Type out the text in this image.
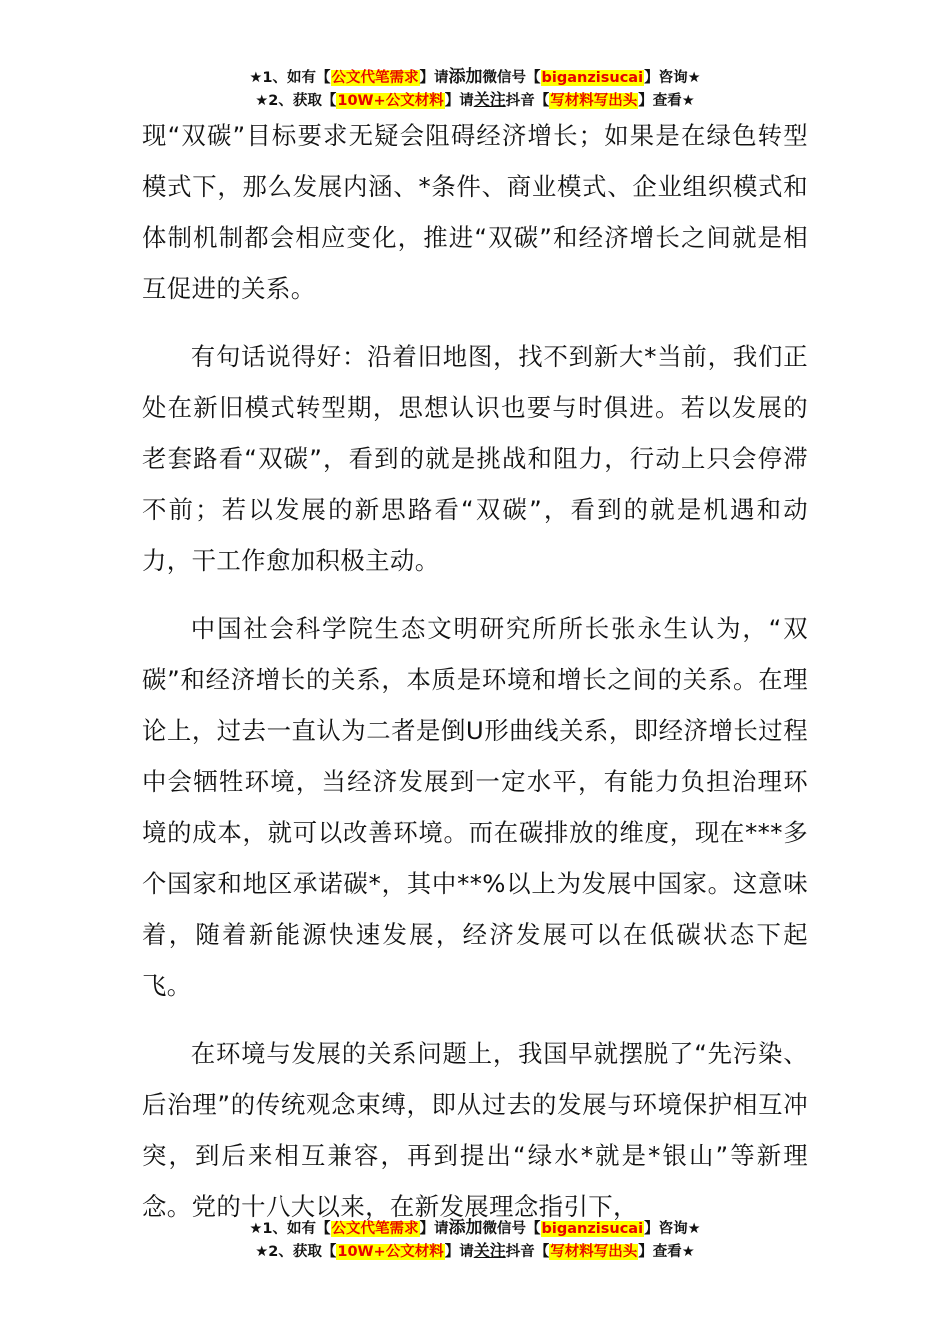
★1、如有【公文代笔需求】请添加微信号【biganzisucai】咨询★
★2、获取【10W+公文材料】请关注抖音【写材料写出头】查看★

现“双碳”目标要求无疑会阻碍经济增长；如果是在绿色转型模式下，那么发展内涵、*条件、商业模式、企业组织模式和体制机制都会相应变化，推进“双碳”和经济增长之间就是相互促进的关系。

有句话说得好：沿着旧地图，找不到新大*当前，我们正处在新旧模式转型期，思想认识也要与时俱进。若以发展的老套路看“双碳”，看到的就是挑战和阻力，行动上只会停滞不前；若以发展的新思路看“双碳”，看到的就是机遇和动力，干工作愈加积极主动。

中国社会科学院生态文明研究所所长张永生认为，“双碳”和经济增长的关系，本质是环境和增长之间的关系。在理论上，过去一直认为二者是倒U形曲线关系，即经济增长过程中会牺牲环境，当经济发展到一定水平，有能力负担治理环境的成本，就可以改善环境。而在碳排放的维度，现在***多个国家和地区承诺碳*，其中**%以上为发展中国家。这意味着，随着新能源快速发展，经济发展可以在低碳状态下起飞。

在环境与发展的关系问题上，我国早就摆脱了“先污染、后治理”的传统观念束缚，即从过去的发展与环境保护相互冲突，到后来相互兼容，再到提出“绿水*就是*银山”等新理念。党的十八大以来，在新发展理念指引下，

★1、如有【公文代笔需求】请添加微信号【biganzisucai】咨询★
★2、获取【10W+公文材料】请关注抖音【写材料写出头】查看★
